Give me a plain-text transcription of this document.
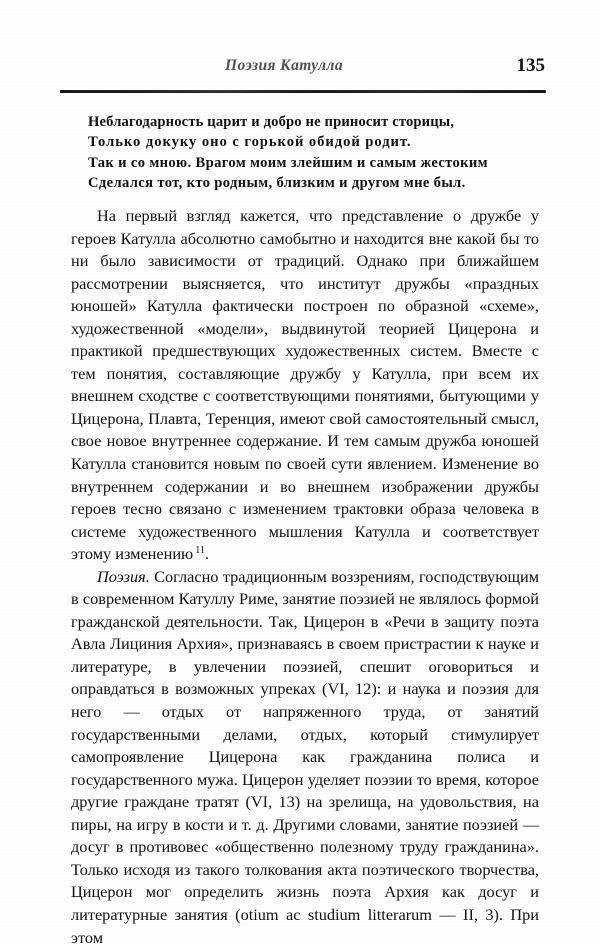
Поэзия Катулла	135
Неблагодарность царит и добро не приносит сторицы,
Только докуку оно с горькой обидой родит.
Так и со мною. Врагом моим злейшим и самым жестоким
Сделался тот, кто родным, близким и другом мне был.

На первый взгляд кажется, что представление о дружбе у героев Катулла абсолютно самобытно и находится вне какой бы то ни было зависимости от традиций. Однако при ближайшем рассмотрении выясняется, что институт дружбы «праздных юношей» Катулла фактически построен по образной «схеме», художественной «модели», выдвинутой теорией Цицерона и практикой предшествующих художественных систем. Вместе с тем понятия, составляющие дружбу у Катулла, при всем их внешнем сходстве с соответствующими понятиями, бытующими у Цицерона, Плавта, Теренция, имеют свой самостоятельный смысл, свое новое внутреннее содержание. И тем самым дружба юношей Катулла становится новым по своей сути явлением. Изменение во внутреннем содержании и во внешнем изображении дружбы героев тесно связано с изменением трактовки образа человека в системе художественного мышления Катулла и соответствует этому изменению $^{11}$.

Поэзия. Согласно традиционным воззрениям, господствующим в современном Катуллу Риме, занятие поэзией не являлось формой гражданской деятельности. Так, Цицерон в «Речи в защиту поэта Авла Лициния Архия», признаваясь в своем пристрастии к науке и литературе, в увлечении поэзией, спешит оговориться и оправдаться в возможных упреках (VI, 12): и наука и поэзия для него — отдых от напряженного труда, от занятий государственными делами, отдых, который стимулирует самопроявление Цицерона как гражданина полиса и государственного мужа. Цицерон уделяет поэзии то время, которое другие граждане тратят (VI, 13) на зрелища, на удовольствия, на пиры, на игру в кости и т. д. Другими словами, занятие поэзией — досуг в противовес «общественно полезному труду гражданина». Только исходя из такого толкования акта поэтического творчества, Цицерон мог определить жизнь поэта Архия как досуг и литературные занятия (otium ac studium litterarum — II, 3). При этом
